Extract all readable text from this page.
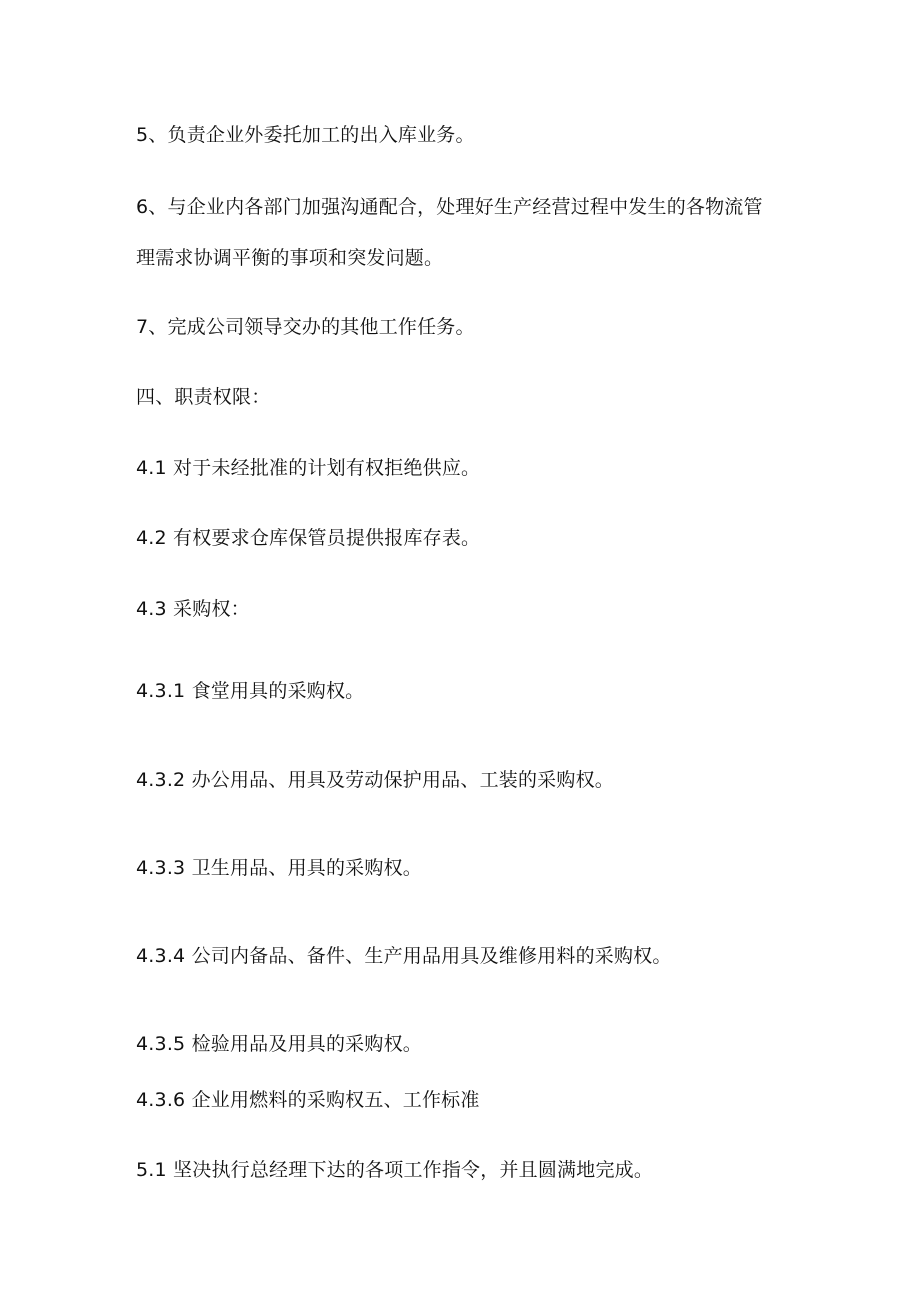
5、负责企业外委托加工的出入库业务。
6、与企业内各部门加强沟通配合，处理好生产经营过程中发生的各物流管
理需求协调平衡的事项和突发问题。
7、完成公司领导交办的其他工作任务。
四、职责权限：
4.1 对于未经批准的计划有权拒绝供应。
4.2 有权要求仓库保管员提供报库存表。
4.3 采购权：
4.3.1 食堂用具的采购权。
4.3.2 办公用品、用具及劳动保护用品、工装的采购权。
4.3.3 卫生用品、用具的采购权。
4.3.4 公司内备品、备件、生产用品用具及维修用料的采购权。
4.3.5 检验用品及用具的采购权。
4.3.6 企业用燃料的采购权五、工作标准
5.1 坚决执行总经理下达的各项工作指令，并且圆满地完成。
